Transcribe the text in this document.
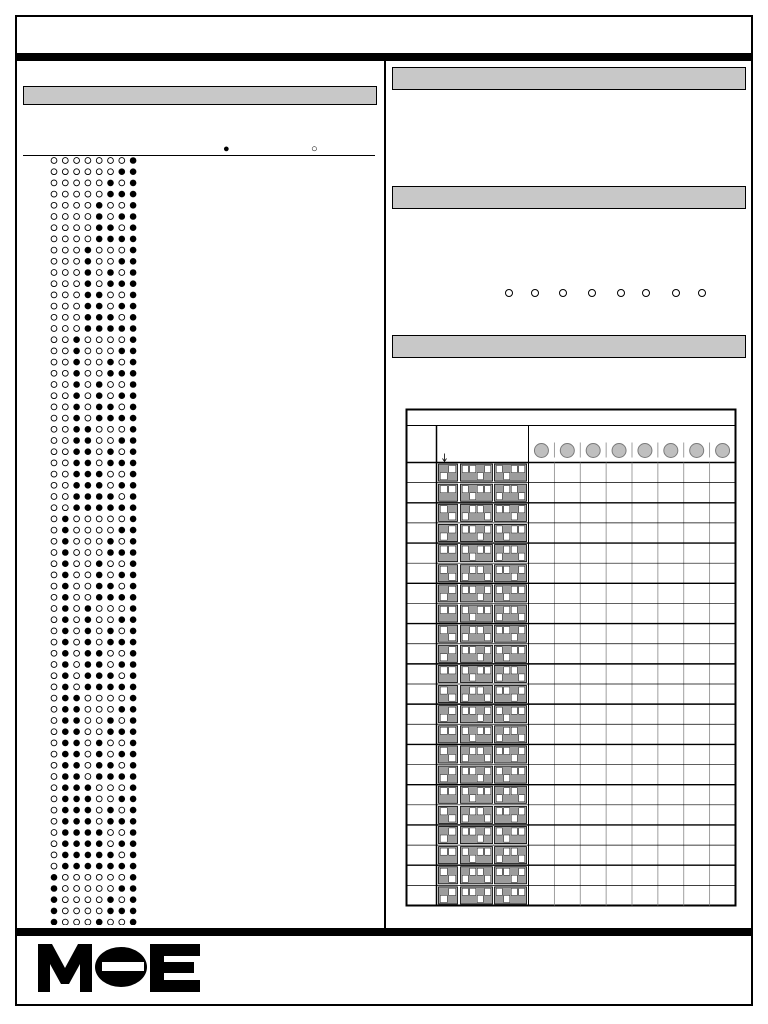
●	○
